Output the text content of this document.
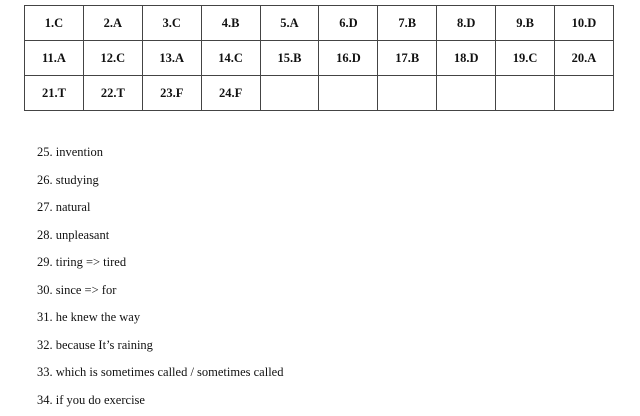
1.C	2.A	3.C	4.B	5.A	6.D	7.B	8.D	9.B	10.D
11.A	12.C	13.A	14.C	15.B	16.D	17.B	18.D	19.C	20.A
21.T	22.T	23.F	24.F						
25. invention
26. studying
27. natural
28. unpleasant
29. tiring => tired
30. since => for
31. he knew the way
32. because It’s raining
33. which is sometimes called / sometimes called
34. if you do exercise
